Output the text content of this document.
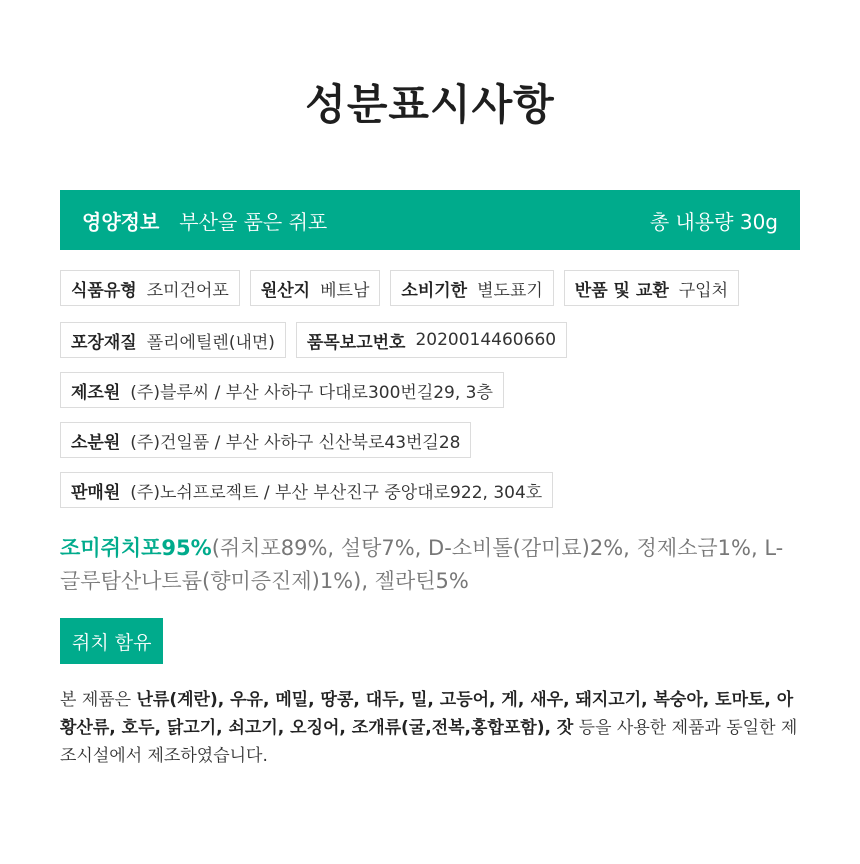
성분표시사항
영양정보 부산을 품은 쥐포	총 내용량 30g
식품유형 조미건어포 원산지 베트남 소비기한 별도표기 반품 및 교환 구입처
포장재질 폴리에틸렌(내면) 품목보고번호 2020014460660
제조원 (주)블루씨 / 부산 사하구 다대로300번길29, 3층
소분원 (주)건일품 / 부산 사하구 신산북로43번길28
판매원 (주)노쉬프로젝트 / 부산 부산진구 중앙대로922, 304호
조미쥐치포95%(쥐치포89%, 설탕7%, D-소비톨(감미료)2%, 정제소금1%, L-글루탐산나트륨(향미증진제)1%), 젤라틴5%
쥐치 함유
본 제품은 난류(계란), 우유, 메밀, 땅콩, 대두, 밀, 고등어, 게, 새우, 돼지고기, 복숭아, 토마토, 아황산류, 호두, 닭고기, 쇠고기, 오징어, 조개류(굴,전복,홍합포함), 잣 등을 사용한 제품과 동일한 제조시설에서 제조하였습니다.
